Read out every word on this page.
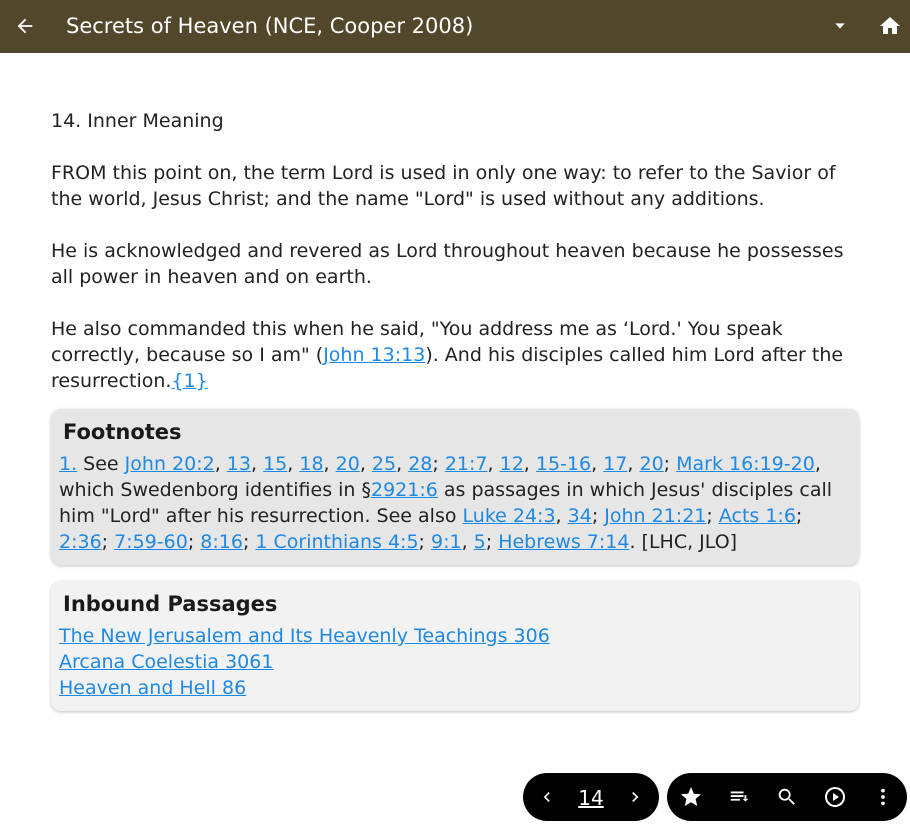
Secrets of Heaven (NCE, Cooper 2008)

14. Inner Meaning

FROM this point on, the term Lord is used in only one way: to refer to the Savior of the world, Jesus Christ; and the name "Lord" is used without any additions.

He is acknowledged and revered as Lord throughout heaven because he possesses all power in heaven and on earth.

He also commanded this when he said, "You address me as ‘Lord.' You speak correctly, because so I am" (John 13:13). And his disciples called him Lord after the resurrection.{1}

Footnotes
1. See John 20:2, 13, 15, 18, 20, 25, 28; 21:7, 12, 15-16, 17, 20; Mark 16:19-20, which Swedenborg identifies in §2921:6 as passages in which Jesus' disciples call him "Lord" after his resurrection. See also Luke 24:3, 34; John 21:21; Acts 1:6; 2:36; 7:59-60; 8:16; 1 Corinthians 4:5; 9:1, 5; Hebrews 7:14. [LHC, JLO]
Inbound Passages
The New Jerusalem and Its Heavenly Teachings 306
Arcana Coelestia 3061
Heaven and Hell 86
14
